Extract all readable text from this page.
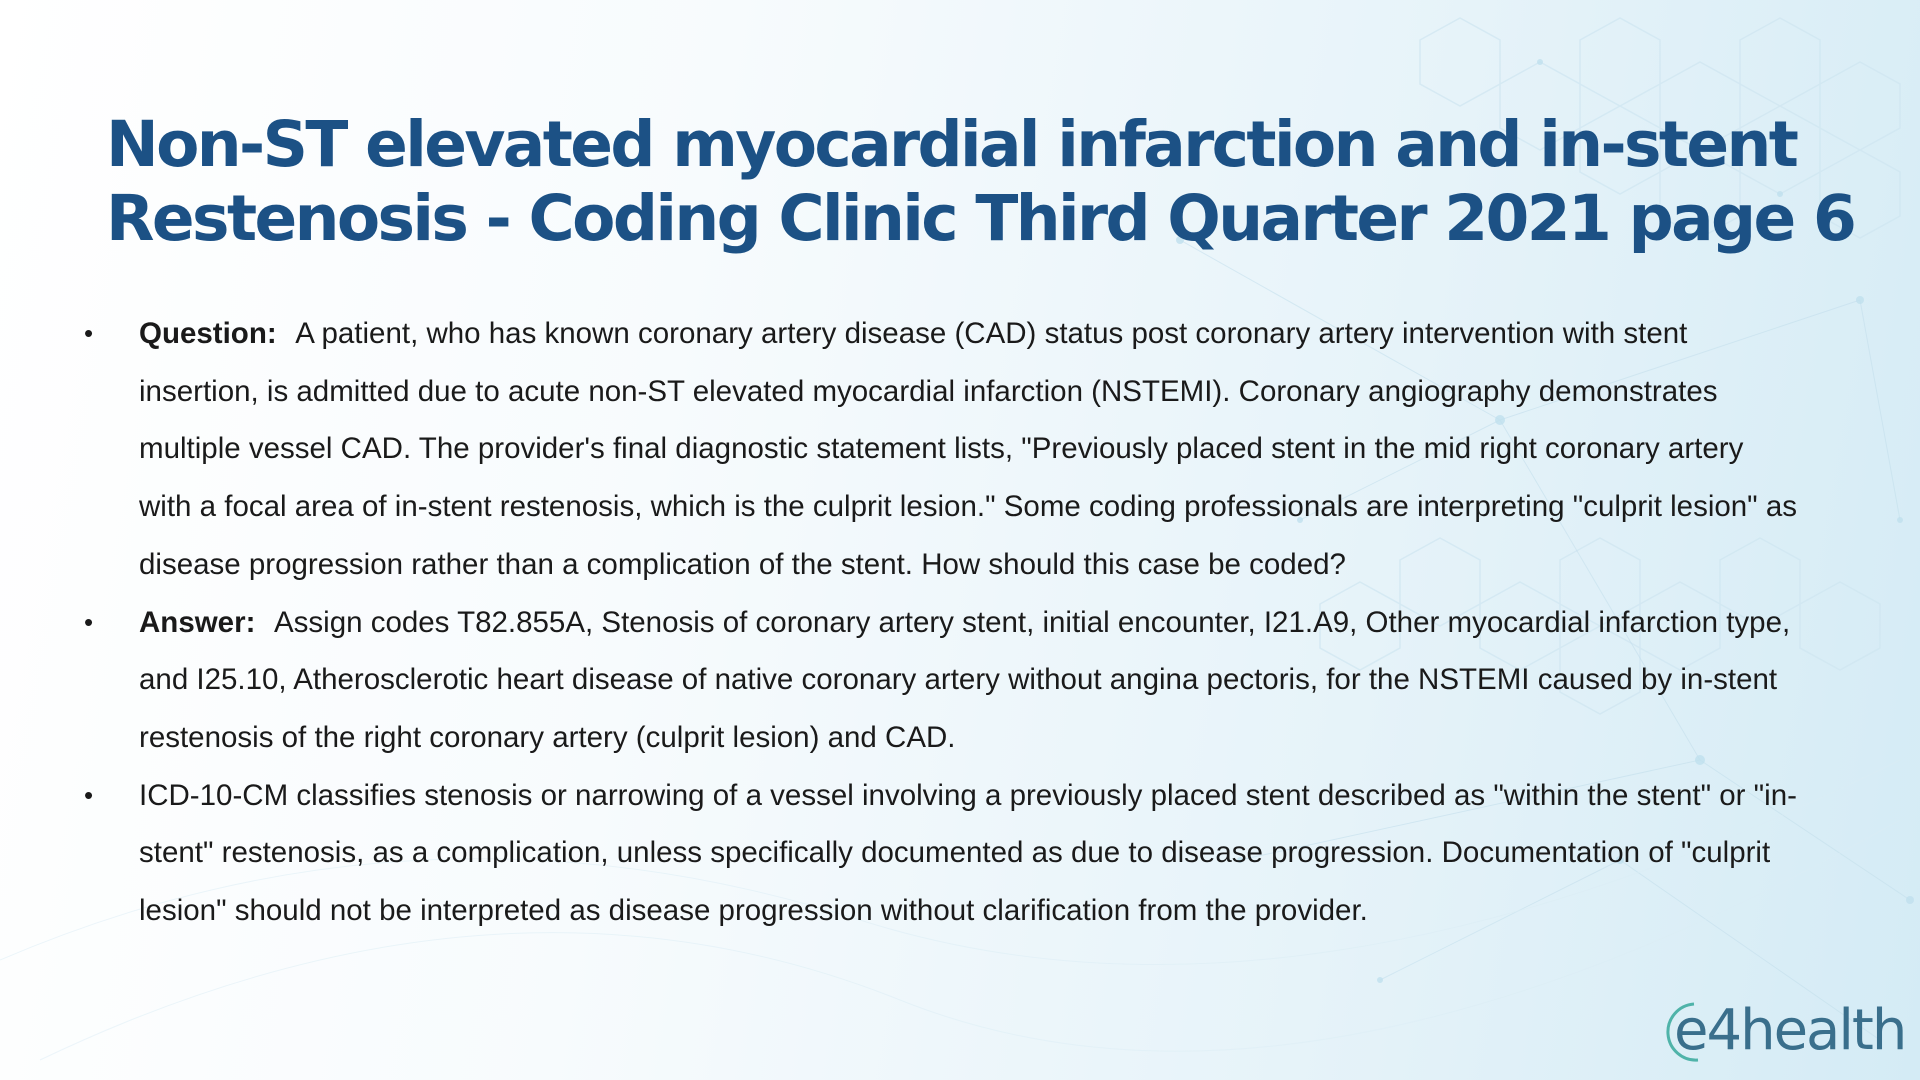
Non-ST elevated myocardial infarction and in-stent
Restenosis - Coding Clinic Third Quarter 2021 page 6
• Question: A patient, who has known coronary artery disease (CAD) status post coronary artery intervention with stent insertion, is admitted due to acute non-ST elevated myocardial infarction (NSTEMI). Coronary angiography demonstrates multiple vessel CAD. The provider's final diagnostic statement lists, "Previously placed stent in the mid right coronary artery with a focal area of in-stent restenosis, which is the culprit lesion." Some coding professionals are interpreting "culprit lesion" as disease progression rather than a complication of the stent. How should this case be coded?
• Answer: Assign codes T82.855A, Stenosis of coronary artery stent, initial encounter, I21.A9, Other myocardial infarction type, and I25.10, Atherosclerotic heart disease of native coronary artery without angina pectoris, for the NSTEMI caused by in-stent restenosis of the right coronary artery (culprit lesion) and CAD.
• ICD-10-CM classifies stenosis or narrowing of a vessel involving a previously placed stent described as "within the stent" or "in-stent" restenosis, as a complication, unless specifically documented as due to disease progression. Documentation of "culprit lesion" should not be interpreted as disease progression without clarification from the provider.
e4health
